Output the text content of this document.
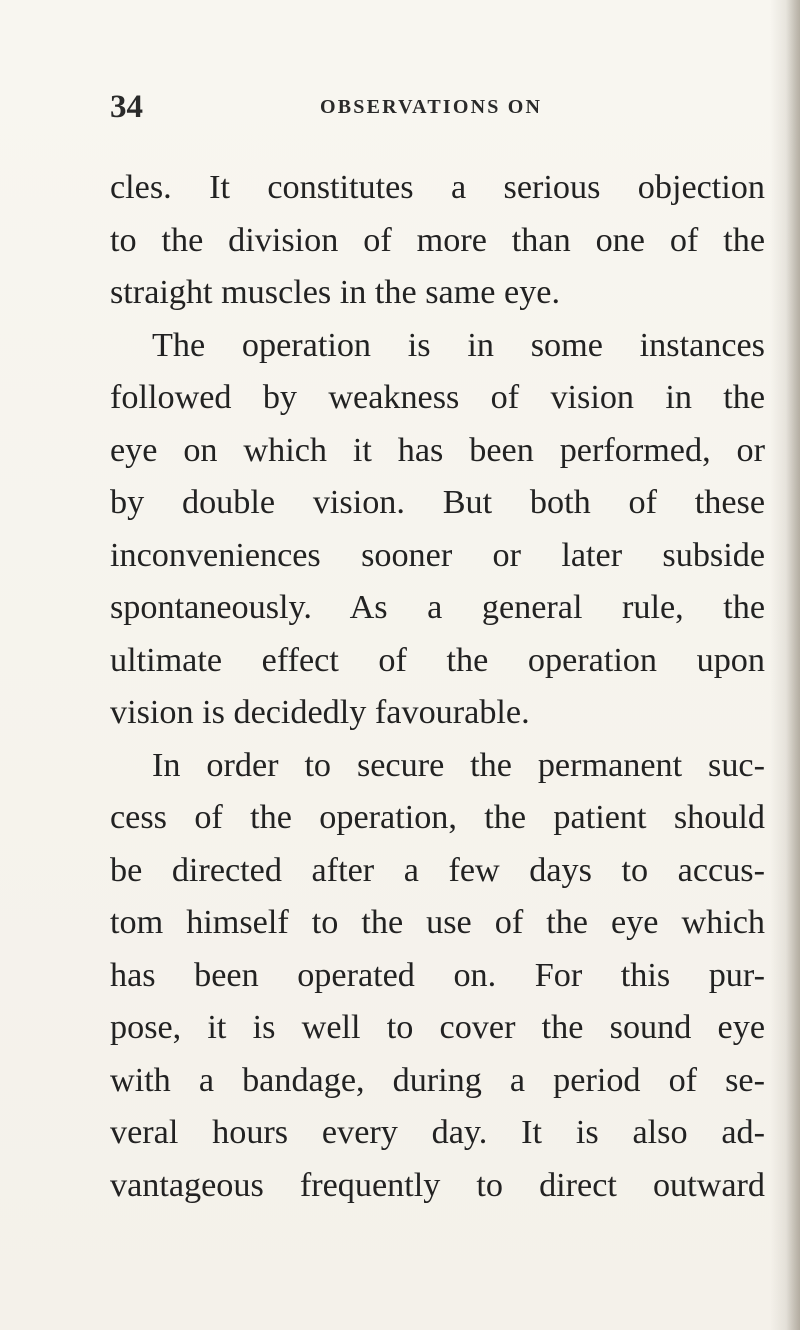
34	OBSERVATIONS ON
cles. It constitutes a serious objection
to the division of more than one of the
straight muscles in the same eye.
The operation is in some instances
followed by weakness of vision in the
eye on which it has been performed, or
by double vision. But both of these
inconveniences sooner or later subside
spontaneously. As a general rule, the
ultimate effect of the operation upon
vision is decidedly favourable.
In order to secure the permanent suc-
cess of the operation, the patient should
be directed after a few days to accus-
tom himself to the use of the eye which
has been operated on. For this pur-
pose, it is well to cover the sound eye
with a bandage, during a period of se-
veral hours every day. It is also ad-
vantageous frequently to direct outward
